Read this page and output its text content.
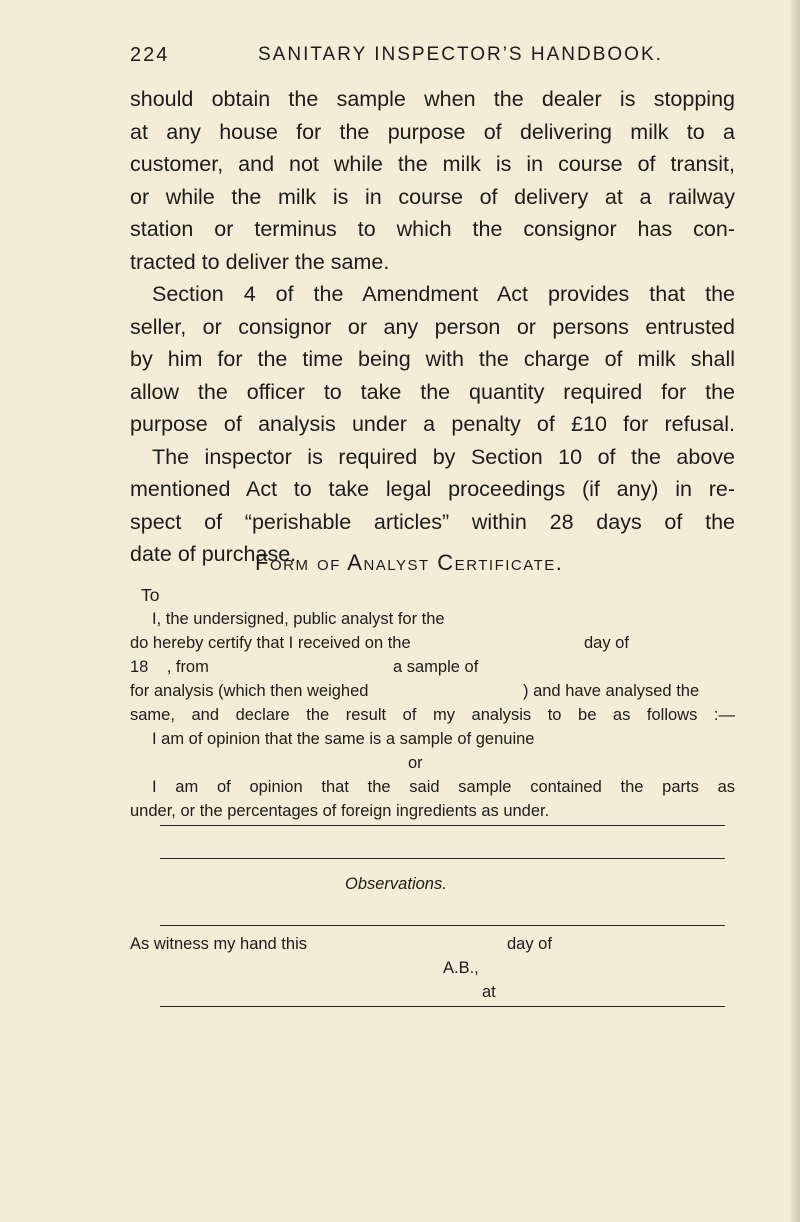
224	SANITARY INSPECTOR’S HANDBOOK.
should obtain the sample when the dealer is stopping
at any house for the purpose of delivering milk to a
customer, and not while the milk is in course of transit,
or while the milk is in course of delivery at a railway
station or terminus to which the consignor has con-
tracted to deliver the same.
Section 4 of the Amendment Act provides that the
seller, or consignor or any person or persons entrusted
by him for the time being with the charge of milk shall
allow the officer to take the quantity required for the
purpose of analysis under a penalty of £10 for refusal.
The inspector is required by Section 10 of the above
mentioned Act to take legal proceedings (if any) in re-
spect of “perishable articles” within 28 days of the
date of purchase.
Form of Analyst Certificate.
To
I, the undersigned, public analyst for the
do hereby certify that I received on the	day of
18    , from	a sample of
for analysis (which then weighed	) and have analysed the
same, and declare the result of my analysis to be as follows :—
I am of opinion that the same is a sample of genuine
or
I am of opinion that the said sample contained the parts as
under, or the percentages of foreign ingredients as under.
Observations.
As witness my hand this	day of
A.B.,
at
